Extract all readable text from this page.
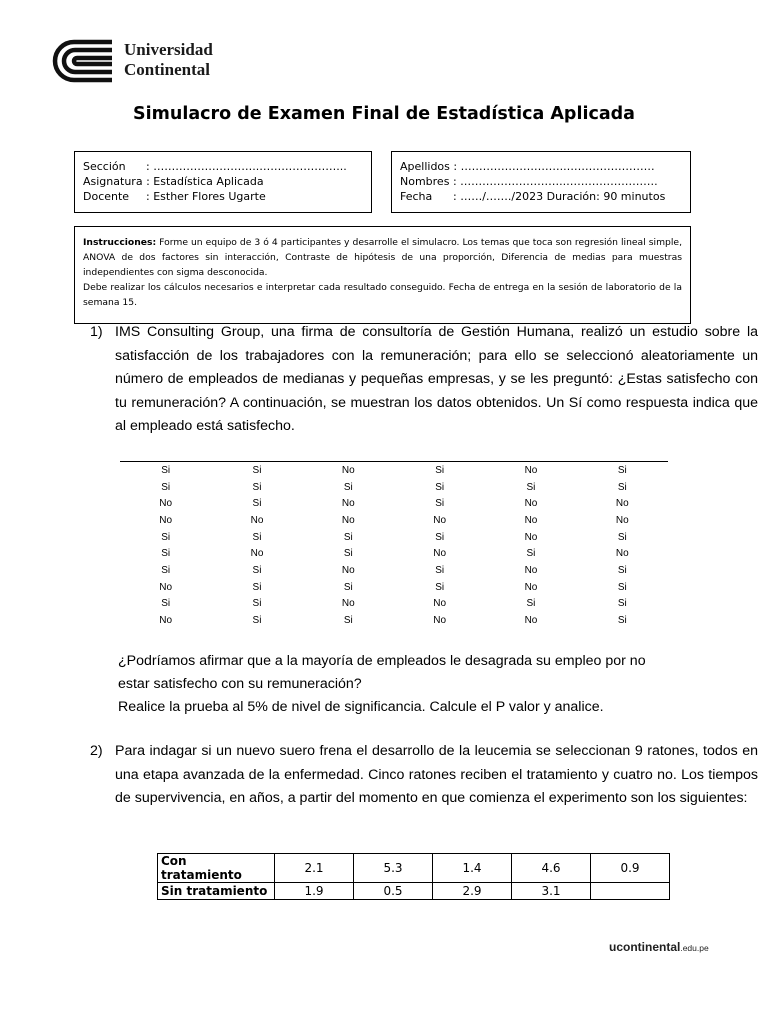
Universidad
Continental
Simulacro de Examen Final de Estadística Aplicada
Sección : ………………………..…………………...
Asignatura : Estadística Aplicada
Docente : Esther Flores Ugarte
Apellidos : ………………………..……………………
Nombres : ………………………..…………………….
Fecha : ……/……./2023 Duración: 90 minutos
Instrucciones: Forme un equipo de 3 ó 4 participantes y desarrolle el simulacro. Los temas que toca son regresión lineal simple, ANOVA de dos factores sin interacción, Contraste de hipótesis de una proporción, Diferencia de medias para muestras independientes con sigma desconocida.
Debe realizar los cálculos necesarios e interpretar cada resultado conseguido. Fecha de entrega en la sesión de laboratorio de la semana 15.
1) IMS Consulting Group, una firma de consultoría de Gestión Humana, realizó un estudio sobre la satisfacción de los trabajadores con la remuneración; para ello se seleccionó aleatoriamente un número de empleados de medianas y pequeñas empresas, y se les preguntó: ¿Estas satisfecho con tu remuneración? A continuación, se muestran los datos obtenidos. Un Sí como respuesta indica que al empleado está satisfecho.
Si	Si	No	Si	No	Si
Si	Si	Si	Si	Si	Si
No	Si	No	Si	No	No
No	No	No	No	No	No
Si	Si	Si	Si	No	Si
Si	No	Si	No	Si	No
Si	Si	No	Si	No	Si
No	Si	Si	Si	No	Si
Si	Si	No	No	Si	Si
No	Si	Si	No	No	Si
¿Podríamos afirmar que a la mayoría de empleados le desagrada su empleo por no estar satisfecho con su remuneración?
Realice la prueba al 5% de nivel de significancia. Calcule el P valor y analice.
2) Para indagar si un nuevo suero frena el desarrollo de la leucemia se seleccionan 9 ratones, todos en una etapa avanzada de la enfermedad. Cinco ratones reciben el tratamiento y cuatro no. Los tiempos de supervivencia, en años, a partir del momento en que comienza el experimento son los siguientes:
Con tratamiento	2.1	5.3	1.4	4.6	0.9
Sin tratamiento	1.9	0.5	2.9	3.1	
ucontinental.edu.pe
